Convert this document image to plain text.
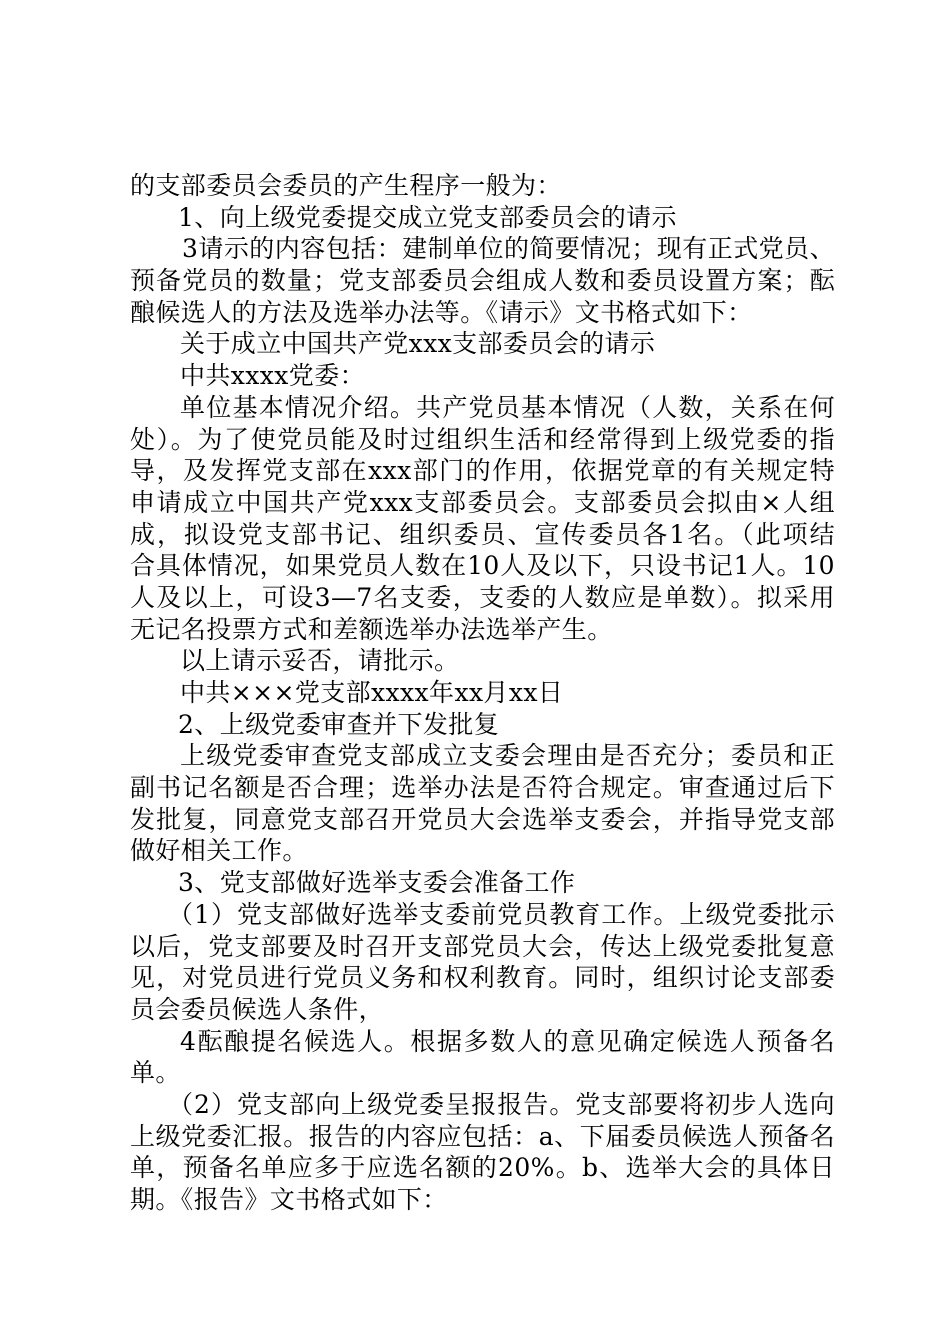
的支部委员会委员的产生程序一般为：
1、向上级党委提交成立党支部委员会的请示
3请示的内容包括：建制单位的简要情况；现有正式党员、
预备党员的数量；党支部委员会组成人数和委员设置方案；酝
酿候选人的方法及选举办法等。《请示》文书格式如下：
关于成立中国共产党xxx支部委员会的请示
中共xxxx党委：
单位基本情况介绍。共产党员基本情况（人数，关系在何
处）。为了使党员能及时过组织生活和经常得到上级党委的指
导，及发挥党支部在xxx部门的作用，依据党章的有关规定特
申请成立中国共产党xxx支部委员会。支部委员会拟由×人组
成，拟设党支部书记、组织委员、宣传委员各1名。（此项结
合具体情况，如果党员人数在10人及以下，只设书记1人。10
人及以上，可设3—7名支委，支委的人数应是单数）。拟采用
无记名投票方式和差额选举办法选举产生。
以上请示妥否，请批示。
中共×××党支部xxxx年xx月xx日
2、上级党委审查并下发批复
上级党委审查党支部成立支委会理由是否充分；委员和正
副书记名额是否合理；选举办法是否符合规定。审查通过后下
发批复，同意党支部召开党员大会选举支委会，并指导党支部
做好相关工作。
3、党支部做好选举支委会准备工作
（1）党支部做好选举支委前党员教育工作。上级党委批示
以后，党支部要及时召开支部党员大会，传达上级党委批复意
见，对党员进行党员义务和权利教育。同时，组织讨论支部委
员会委员候选人条件，
4酝酿提名候选人。根据多数人的意见确定候选人预备名
单。
（2）党支部向上级党委呈报报告。党支部要将初步人选向
上级党委汇报。报告的内容应包括：a、下届委员候选人预备名
单，预备名单应多于应选名额的20%。b、选举大会的具体日
期。《报告》文书格式如下：
